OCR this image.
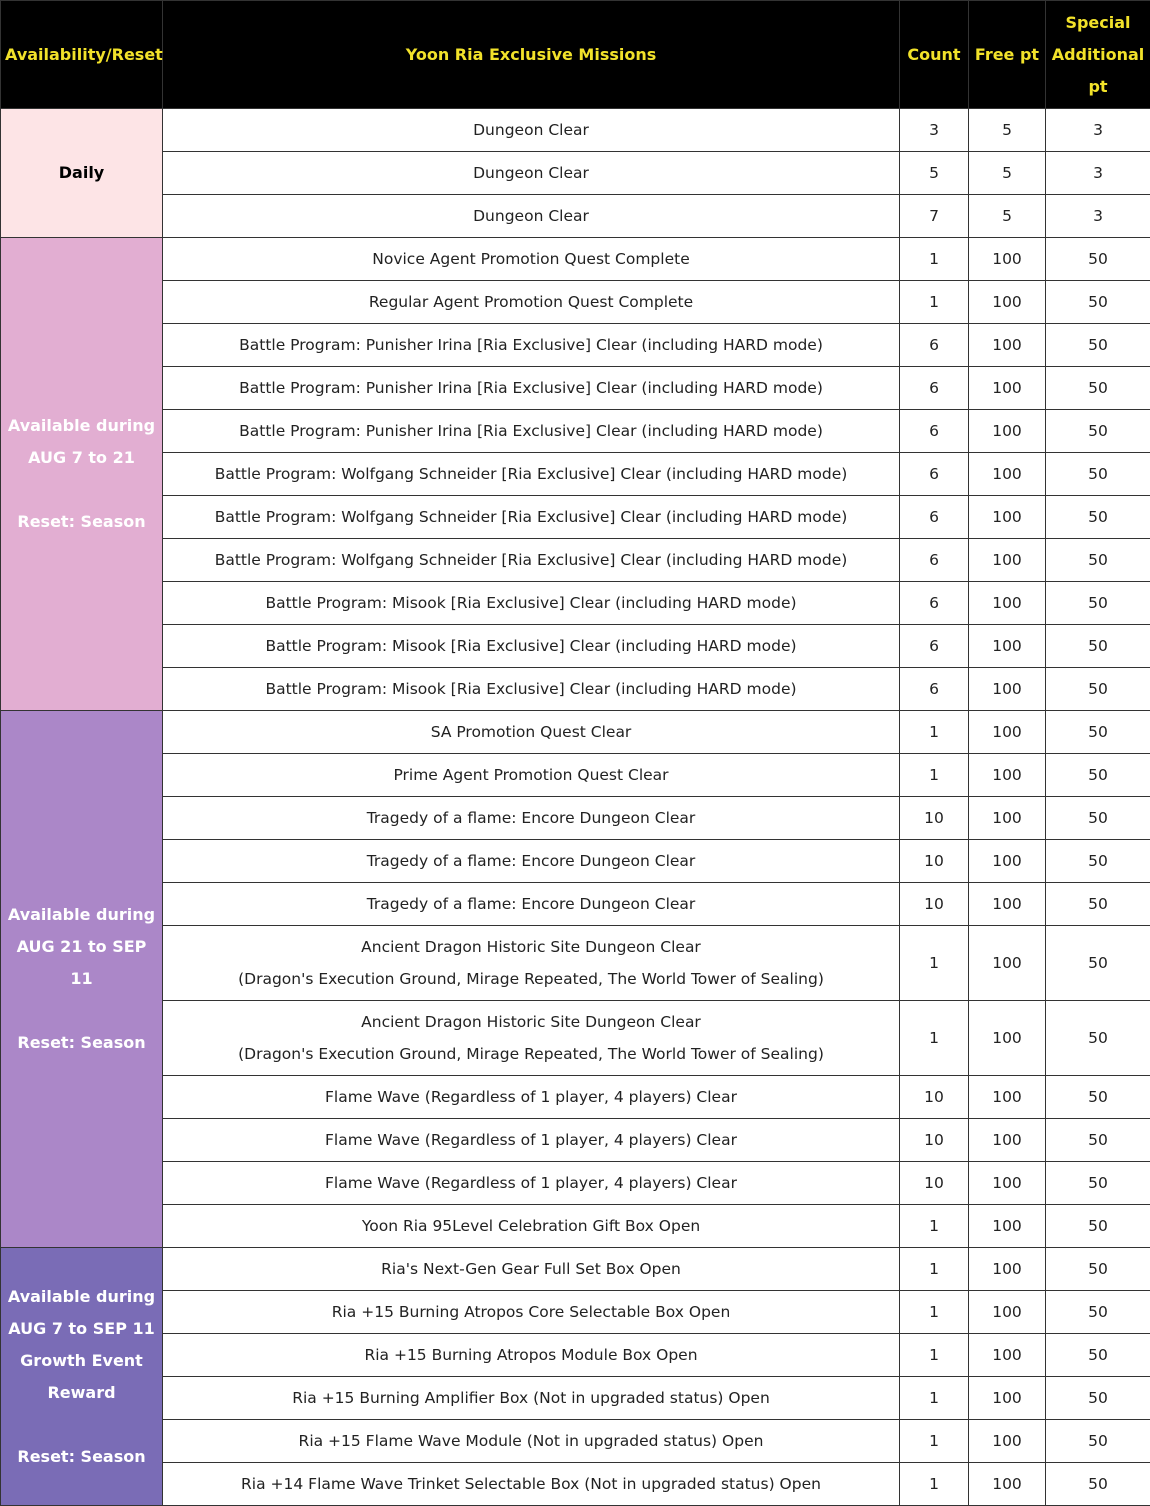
Availability/Reset	Yoon Ria Exclusive Missions	Count	Free pt	Special
Additional
pt

Daily	Dungeon Clear	3	5	3

	Dungeon Clear	5	5	3

	Dungeon Clear	7	5	3

Available during
AUG 7 to 21
Reset: Season	Novice Agent Promotion Quest Complete	1	100	50

	Regular Agent Promotion Quest Complete	1	100	50

	Battle Program: Punisher Irina [Ria Exclusive] Clear (including HARD mode)	6	100	50

	Battle Program: Punisher Irina [Ria Exclusive] Clear (including HARD mode)	6	100	50

	Battle Program: Punisher Irina [Ria Exclusive] Clear (including HARD mode)	6	100	50

	Battle Program: Wolfgang Schneider [Ria Exclusive] Clear (including HARD mode)	6	100	50

	Battle Program: Wolfgang Schneider [Ria Exclusive] Clear (including HARD mode)	6	100	50

	Battle Program: Wolfgang Schneider [Ria Exclusive] Clear (including HARD mode)	6	100	50

	Battle Program: Misook [Ria Exclusive] Clear (including HARD mode)	6	100	50

	Battle Program: Misook [Ria Exclusive] Clear (including HARD mode)	6	100	50

	Battle Program: Misook [Ria Exclusive] Clear (including HARD mode)	6	100	50

Available during
AUG 21 to SEP 11
Reset: Season	SA Promotion Quest Clear	1	100	50

	Prime Agent Promotion Quest Clear	1	100	50

	Tragedy of a flame: Encore Dungeon Clear	10	100	50

	Tragedy of a flame: Encore Dungeon Clear	10	100	50

	Tragedy of a flame: Encore Dungeon Clear	10	100	50

	Ancient Dragon Historic Site Dungeon Clear
(Dragon's Execution Ground, Mirage Repeated, The World Tower of Sealing)	1	100	50

	Ancient Dragon Historic Site Dungeon Clear
(Dragon's Execution Ground, Mirage Repeated, The World Tower of Sealing)	1	100	50

	Flame Wave (Regardless of 1 player, 4 players) Clear	10	100	50

	Flame Wave (Regardless of 1 player, 4 players) Clear	10	100	50

	Flame Wave (Regardless of 1 player, 4 players) Clear	10	100	50

	Yoon Ria 95Level Celebration Gift Box Open	1	100	50

Available during
AUG 7 to SEP 11
Growth Event
Reward
Reset: Season	Ria's Next-Gen Gear Full Set Box Open	1	100	50

	Ria +15 Burning Atropos Core Selectable Box Open	1	100	50

	Ria +15 Burning Atropos Module Box Open	1	100	50

	Ria +15 Burning Amplifier Box (Not in upgraded status) Open	1	100	50

	Ria +15 Flame Wave Module (Not in upgraded status) Open	1	100	50

	Ria +14 Flame Wave Trinket Selectable Box (Not in upgraded status) Open	1	100	50
